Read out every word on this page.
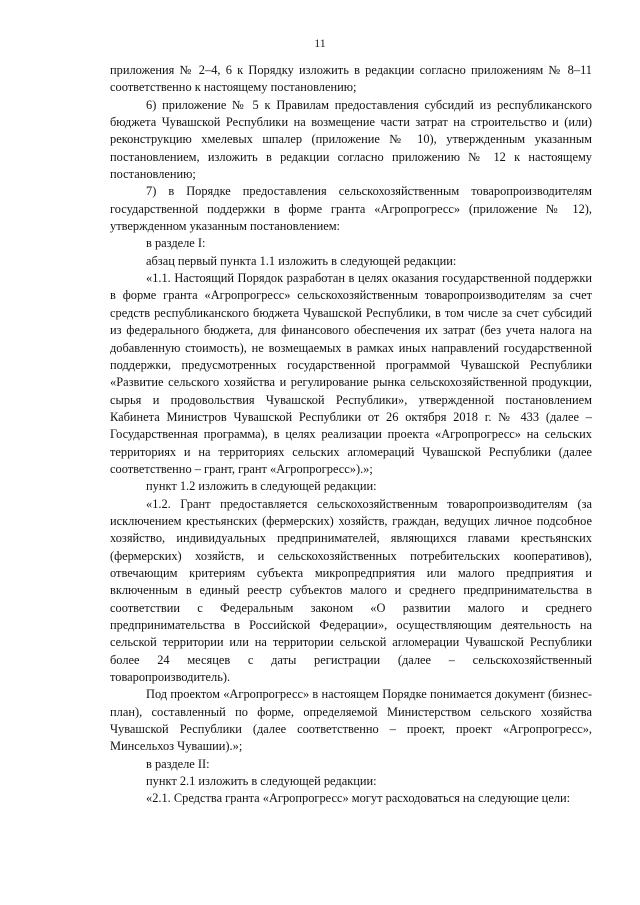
11

приложения № 2–4, 6 к Порядку изложить в редакции согласно приложениям № 8–11 соответственно к настоящему постановлению;

6) приложение № 5 к Правилам предоставления субсидий из республиканского бюджета Чувашской Республики на возмещение части затрат на строительство и (или) реконструкцию хмелевых шпалер (приложение № 10), утвержденным указанным постановлением, изложить в редакции согласно приложению № 12 к настоящему постановлению;

7) в Порядке предоставления сельскохозяйственным товаропроизводителям государственной поддержки в форме гранта «Агропрогресс» (приложение № 12), утвержденном указанным постановлением:

в разделе I:

абзац первый пункта 1.1 изложить в следующей редакции:

«1.1. Настоящий Порядок разработан в целях оказания государственной поддержки в форме гранта «Агропрогресс» сельскохозяйственным товаропроизводителям за счет средств республиканского бюджета Чувашской Республики, в том числе за счет субсидий из федерального бюджета, для финансового обеспечения их затрат (без учета налога на добавленную стоимость), не возмещаемых в рамках иных направлений государственной поддержки, предусмотренных государственной программой Чувашской Республики «Развитие сельского хозяйства и регулирование рынка сельскохозяйственной продукции, сырья и продовольствия Чувашской Республики», утвержденной постановлением Кабинета Министров Чувашской Республики от 26 октября 2018 г. № 433 (далее – Государственная программа), в целях реализации проекта «Агропрогресс» на сельских территориях и на территориях сельских агломераций Чувашской Республики (далее соответственно – грант, грант «Агропрогресс»).»;

пункт 1.2 изложить в следующей редакции:

«1.2. Грант предоставляется сельскохозяйственным товаропроизводителям (за исключением крестьянских (фермерских) хозяйств, граждан, ведущих личное подсобное хозяйство, индивидуальных предпринимателей, являющихся главами крестьянских (фермерских) хозяйств, и сельскохозяйственных потребительских кооперативов), отвечающим критериям субъекта микропредприятия или малого предприятия и включенным в единый реестр субъектов малого и среднего предпринимательства в соответствии с Федеральным законом «О развитии малого и среднего предпринимательства в Российской Федерации», осуществляющим деятельность на сельской территории или на территории сельской агломерации Чувашской Республики более 24 месяцев с даты регистрации (далее – сельскохозяйственный товаропроизводитель).

Под проектом «Агропрогресс» в настоящем Порядке понимается документ (бизнес-план), составленный по форме, определяемой Министерством сельского хозяйства Чувашской Республики (далее соответственно – проект, проект «Агропрогресс», Минсельхоз Чувашии).»;

в разделе II:

пункт 2.1 изложить в следующей редакции:

«2.1. Средства гранта «Агропрогресс» могут расходоваться на следующие цели:
